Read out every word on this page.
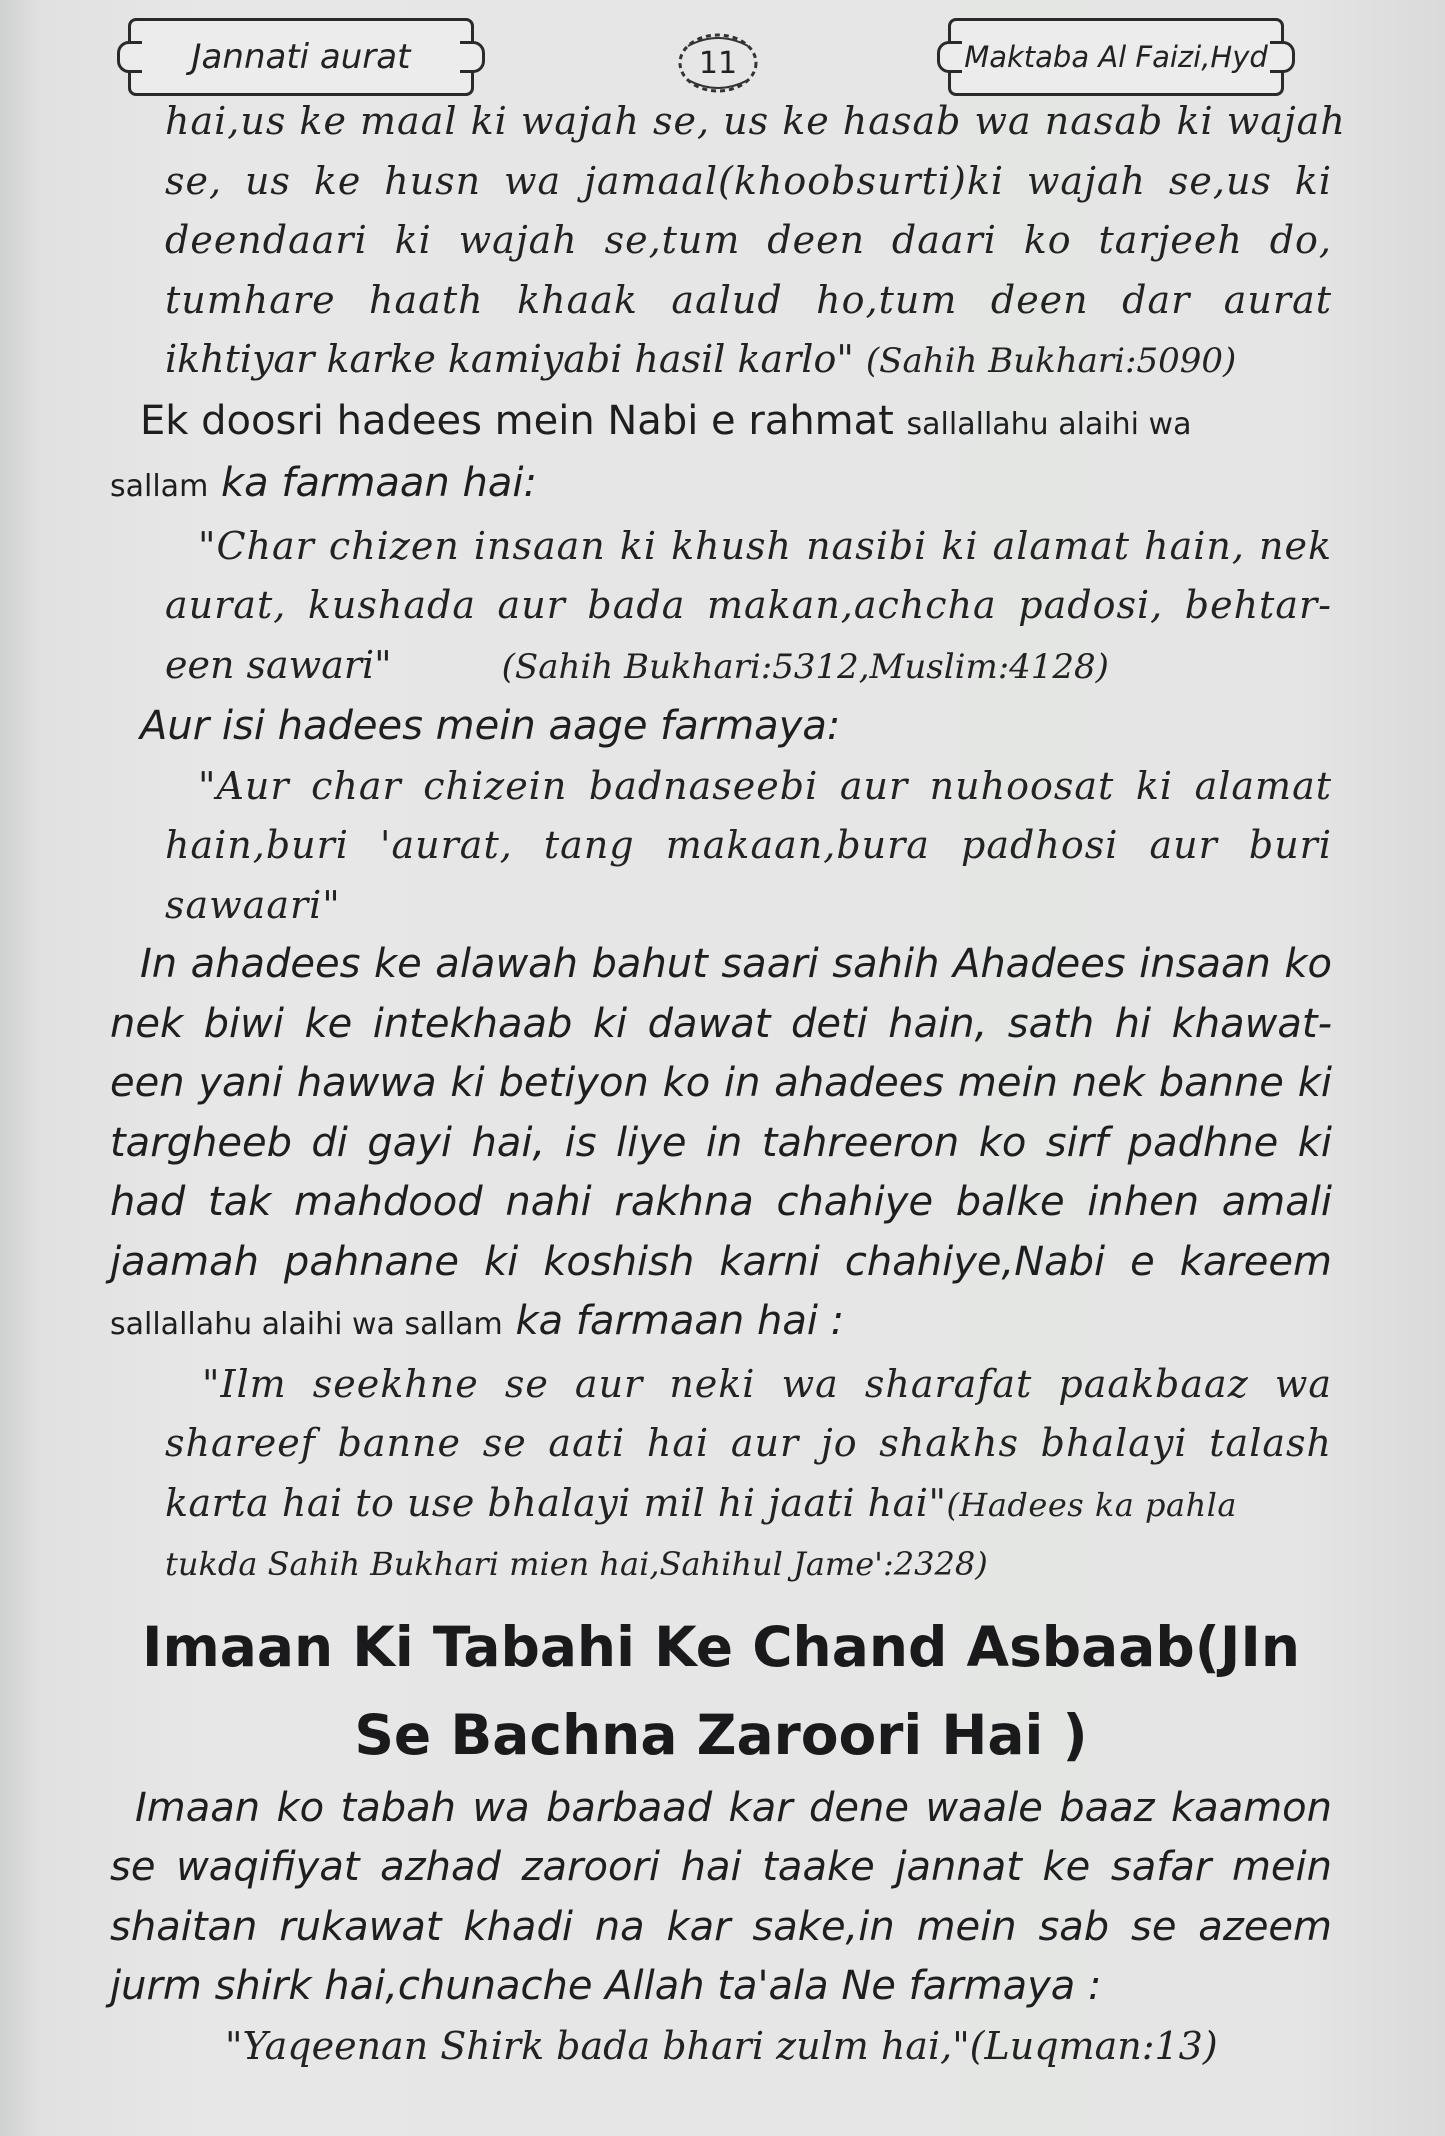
Jannati aurat	11	Maktaba Al Faizi,Hyd
hai,us ke maal ki wajah se, us ke hasab wa nasab ki wajah
se, us ke husn wa jamaal(khoobsurti)ki wajah se,us ki
deendaari ki wajah se,tum deen daari ko tarjeeh do,
tumhare haath khaak aalud ho,tum deen dar aurat
ikhtiyar karke kamiyabi hasil karlo" (Sahih Bukhari:5090)
Ek doosri hadees mein Nabi e rahmat sallallahu alaihi wa
sallam ka farmaan hai:
"Char chizen insaan ki khush nasibi ki alamat hain, nek
aurat, kushada aur bada makan,achcha padosi, behtar-
een sawari"	(Sahih Bukhari:5312,Muslim:4128)
Aur isi hadees mein aage farmaya:
"Aur char chizein badnaseebi aur nuhoosat ki alamat
hain,buri 'aurat, tang makaan,bura padhosi aur buri
sawaari"
In ahadees ke alawah bahut saari sahih Ahadees insaan ko
nek biwi ke intekhaab ki dawat deti hain, sath hi khawat-
een yani hawwa ki betiyon ko in ahadees mein nek banne ki
targheeb di gayi hai, is liye in tahreeron ko sirf padhne ki
had tak mahdood nahi rakhna chahiye balke inhen amali
jaamah pahnane ki koshish karni chahiye,Nabi e kareem
sallallahu alaihi wa sallam ka farmaan hai :
"Ilm seekhne se aur neki wa sharafat paakbaaz wa
shareef banne se aati hai aur jo shakhs bhalayi talash
karta hai to use bhalayi mil hi jaati hai"(Hadees ka pahla
tukda Sahih Bukhari mien hai,Sahihul Jame':2328)
Imaan Ki Tabahi Ke Chand Asbaab(JIn
Se Bachna Zaroori Hai )
Imaan ko tabah wa barbaad kar dene waale baaz kaamon
se waqifiyat azhad zaroori hai taake jannat ke safar mein
shaitan rukawat khadi na kar sake,in mein sab se azeem
jurm shirk hai,chunache Allah ta'ala Ne farmaya :
"Yaqeenan Shirk bada bhari zulm hai,"(Luqman:13)
